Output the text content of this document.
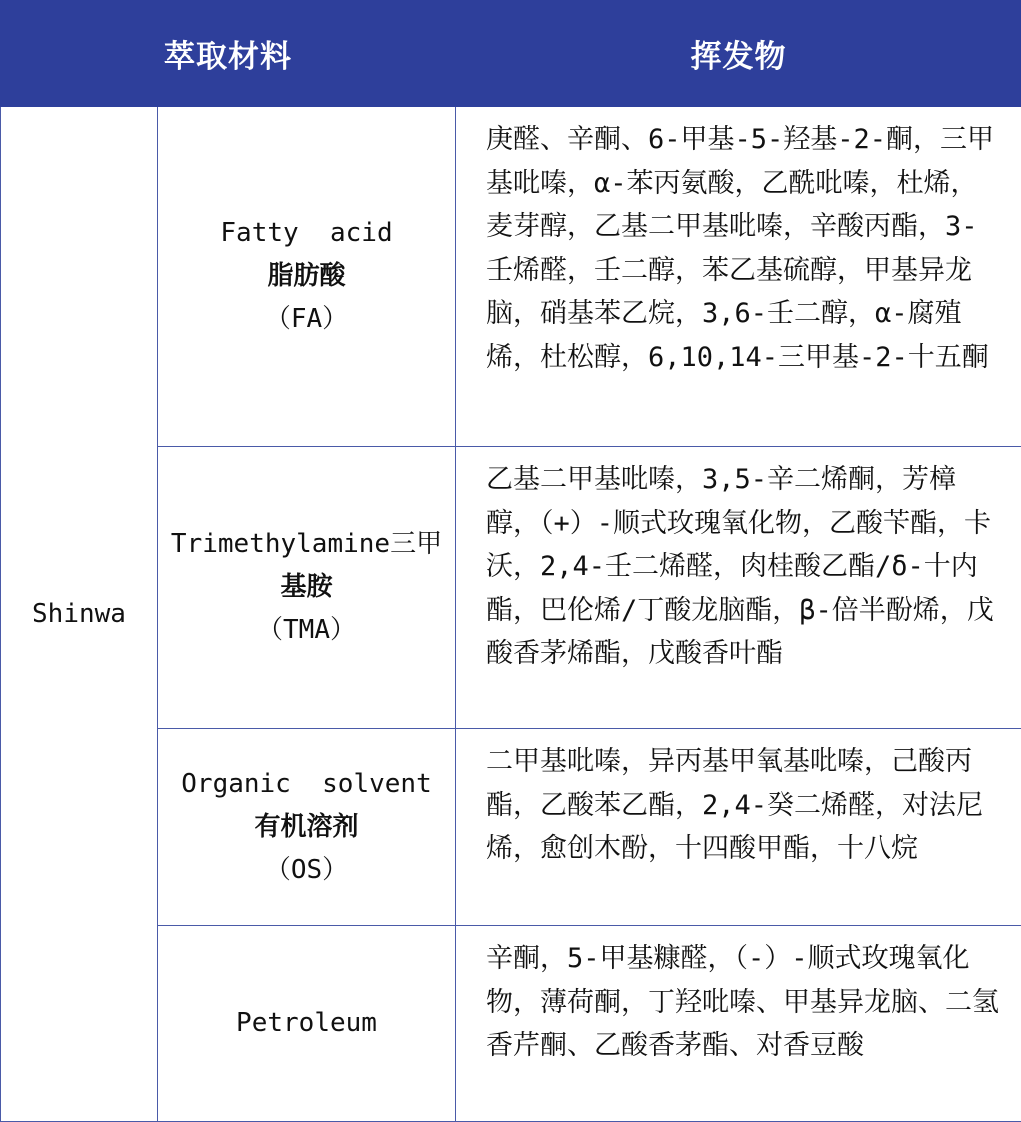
萃取材料		挥发物
Shinwa	Fatty  acid
脂肪酸
（FA）	庚醛、辛酮、6-甲基-5-羟基-2-酮，三甲基吡嗪，α-苯丙氨酸，乙酰吡嗪，杜烯，麦芽醇，乙基二甲基吡嗪，辛酸丙酯，3-壬烯醛，壬二醇，苯乙基硫醇，甲基异龙脑，硝基苯乙烷，3,6-壬二醇，α-腐殖烯，杜松醇，6,10,14-三甲基-2-十五酮

	Trimethylamine三甲
基胺
（TMA）	乙基二甲基吡嗪，3,5-辛二烯酮，芳樟醇，（+）-顺式玫瑰氧化物，乙酸苄酯，卡沃，2,4-壬二烯醛，肉桂酸乙酯/δ-十内酯，巴伦烯/丁酸龙脑酯，β-倍半酚烯，戊酸香茅烯酯，戊酸香叶酯

	Organic  solvent
有机溶剂
（OS）	二甲基吡嗪，异丙基甲氧基吡嗪，己酸丙酯，乙酸苯乙酯，2,4-癸二烯醛，对法尼烯，愈创木酚，十四酸甲酯，十八烷

	Petroleum	辛酮，5-甲基糠醛，（-）-顺式玫瑰氧化物，薄荷酮，丁羟吡嗪、甲基异龙脑、二氢香芹酮、乙酸香茅酯、对香豆酸
